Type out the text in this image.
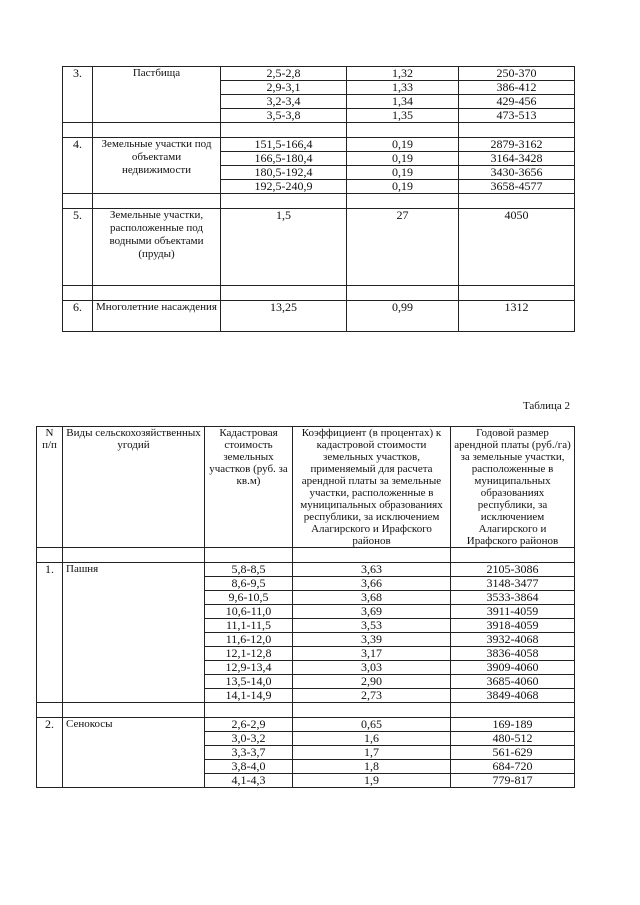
3.	Пастбища	2,5-2,8	1,32	250-370
		2,9-3,1	1,33	386-412
		3,2-3,4	1,34	429-456
		3,5-3,8	1,35	473-513

4.	Земельные участки под объектами недвижимости	151,5-166,4	0,19	2879-3162
		166,5-180,4	0,19	3164-3428
		180,5-192,4	0,19	3430-3656
		192,5-240,9	0,19	3658-4577

5.	Земельные участки, расположенные под водными объектами (пруды)	1,5	27	4050

6.	Многолетние насаждения	13,25	0,99	1312
Таблица 2
N п/п	Виды сельскохозяйственных угодий	Кадастровая стоимость земельных участков (руб. за кв.м)	Коэффициент (в процентах) к кадастровой стоимости земельных участков, применяемый для расчета арендной платы за земельные участки, расположенные в муниципальных образованиях республики, за исключением Алагирского и Ирафского районов	Годовой размер арендной платы (руб./га) за земельные участки, расположенные в муниципальных образованиях республики, за исключением Алагирского и Ирафского районов

1.	Пашня	5,8-8,5	3,63	2105-3086
		8,6-9,5	3,66	3148-3477
		9,6-10,5	3,68	3533-3864
		10,6-11,0	3,69	3911-4059
		11,1-11,5	3,53	3918-4059
		11,6-12,0	3,39	3932-4068
		12,1-12,8	3,17	3836-4058
		12,9-13,4	3,03	3909-4060
		13,5-14,0	2,90	3685-4060
		14,1-14,9	2,73	3849-4068

2.	Сенокосы	2,6-2,9	0,65	169-189
		3,0-3,2	1,6	480-512
		3,3-3,7	1,7	561-629
		3,8-4,0	1,8	684-720
		4,1-4,3	1,9	779-817
